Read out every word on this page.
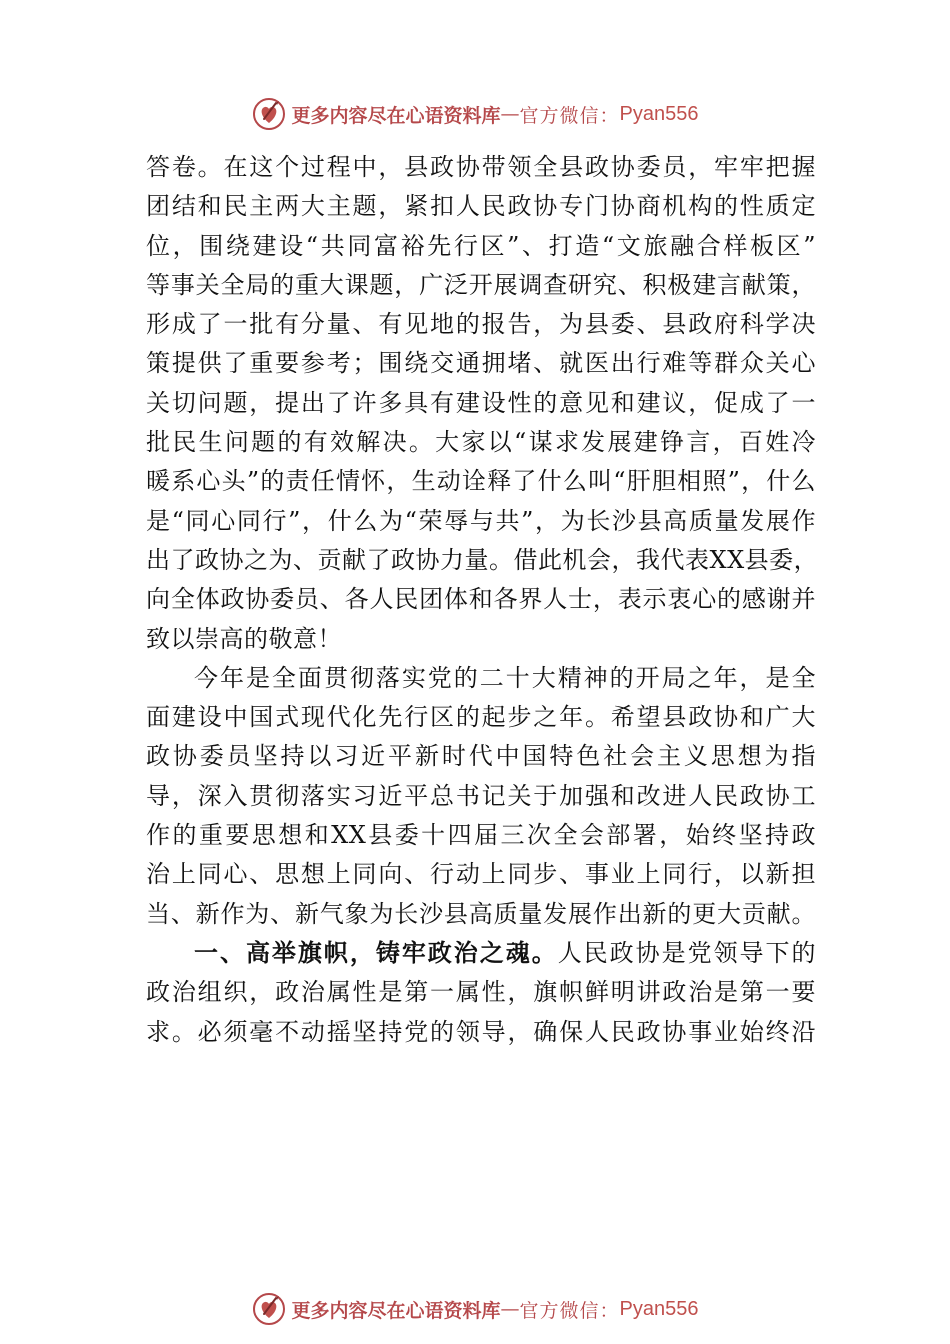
更多内容尽在心语资料库 — 官方微信： Pyan556
答卷。在这个过程中，县政协带领全县政协委员，牢牢把握
团结和民主两大主题，紧扣人民政协专门协商机构的性质定
位，围绕建设“共同富裕先行区”、打造“文旅融合样板区”
等事关全局的重大课题，广泛开展调查研究、积极建言献策，
形成了一批有分量、有见地的报告，为县委、县政府科学决
策提供了重要参考；围绕交通拥堵、就医出行难等群众关心
关切问题，提出了许多具有建设性的意见和建议，促成了一
批民生问题的有效解决。大家以“谋求发展建铮言，百姓冷
暖系心头”的责任情怀，生动诠释了什么叫“肝胆相照”，什么
是“同心同行”，什么为“荣辱与共”，为长沙县高质量发展作
出了政协之为、贡献了政协力量。借此机会，我代表XX县委，
向全体政协委员、各人民团体和各界人士，表示衷心的感谢并
致以崇高的敬意！
今年是全面贯彻落实党的二十大精神的开局之年，是全
面建设中国式现代化先行区的起步之年。希望县政协和广大
政协委员坚持以习近平新时代中国特色社会主义思想为指
导，深入贯彻落实习近平总书记关于加强和改进人民政协工
作的重要思想和XX县委十四届三次全会部署，始终坚持政
治上同心、思想上同向、行动上同步、事业上同行，以新担
当、新作为、新气象为长沙县高质量发展作出新的更大贡献。
一、高举旗帜，铸牢政治之魂。人民政协是党领导下的
政治组织，政治属性是第一属性，旗帜鲜明讲政治是第一要
求。必须毫不动摇坚持党的领导，确保人民政协事业始终沿
更多内容尽在心语资料库 — 官方微信： Pyan556
